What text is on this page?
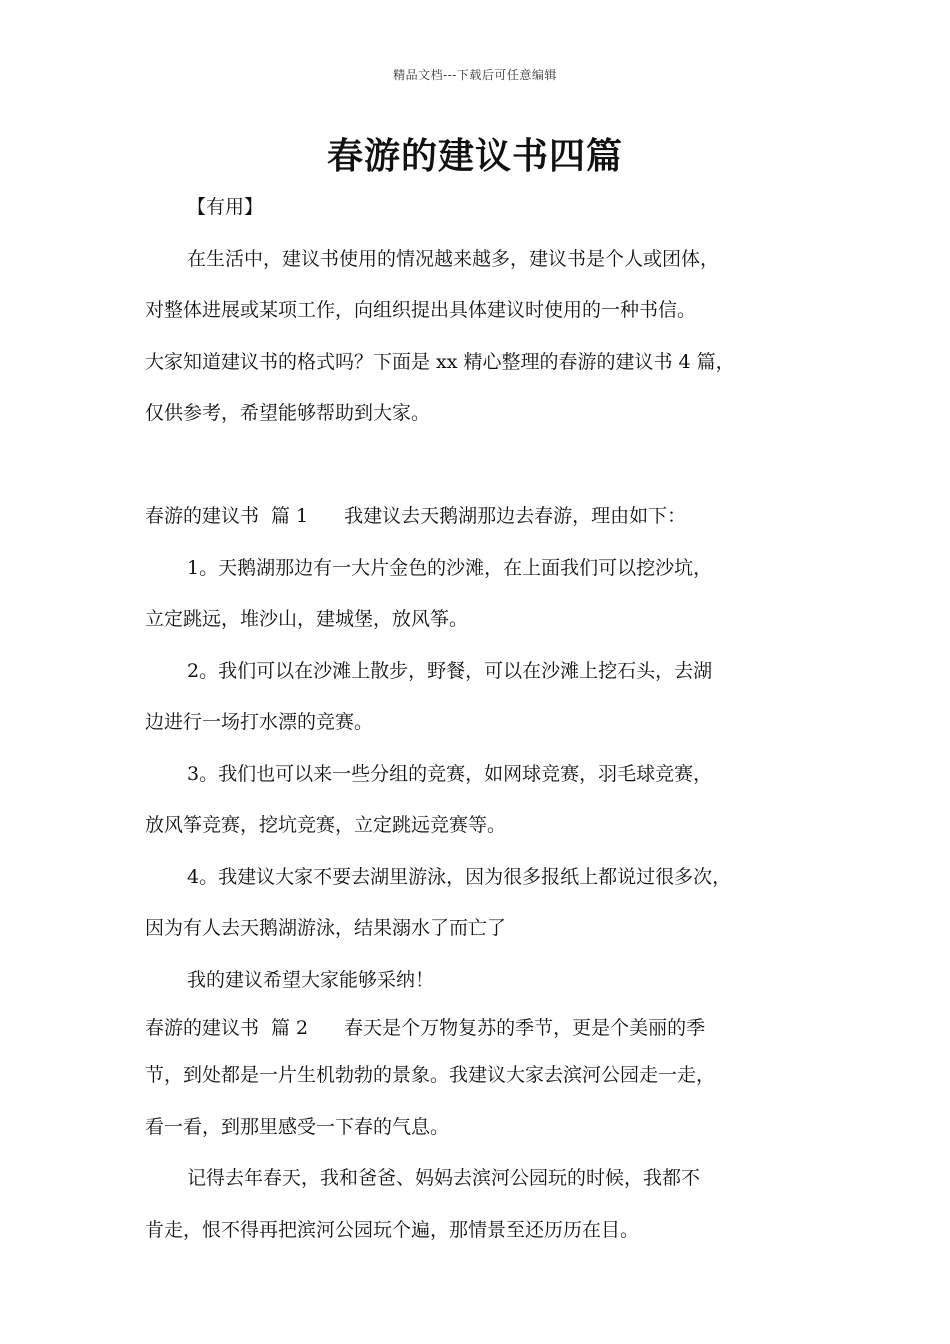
精品文档---下载后可任意编辑
春游的建议书四篇

【有用】

在生活中，建议书使用的情况越来越多，建议书是个人或团体，

对整体进展或某项工作，向组织提出具体建议时使用的一种书信。

大家知道建议书的格式吗？下面是 xx 精心整理的春游的建议书 4 篇，

仅供参考，希望能够帮助到大家。

春游的建议书 篇 1 我建议去天鹅湖那边去春游，理由如下：

1。天鹅湖那边有一大片金色的沙滩，在上面我们可以挖沙坑，

立定跳远，堆沙山，建城堡，放风筝。

2。我们可以在沙滩上散步，野餐，可以在沙滩上挖石头，去湖

边进行一场打水漂的竞赛。

3。我们也可以来一些分组的竞赛，如网球竞赛，羽毛球竞赛，

放风筝竞赛，挖坑竞赛，立定跳远竞赛等。

4。我建议大家不要去湖里游泳，因为很多报纸上都说过很多次，

因为有人去天鹅湖游泳，结果溺水了而亡了

我的建议希望大家能够采纳！

春游的建议书 篇 2 春天是个万物复苏的季节，更是个美丽的季

节，到处都是一片生机勃勃的景象。我建议大家去滨河公园走一走，

看一看，到那里感受一下春的气息。

记得去年春天，我和爸爸、妈妈去滨河公园玩的时候，我都不

肯走，恨不得再把滨河公园玩个遍，那情景至还历历在目。
